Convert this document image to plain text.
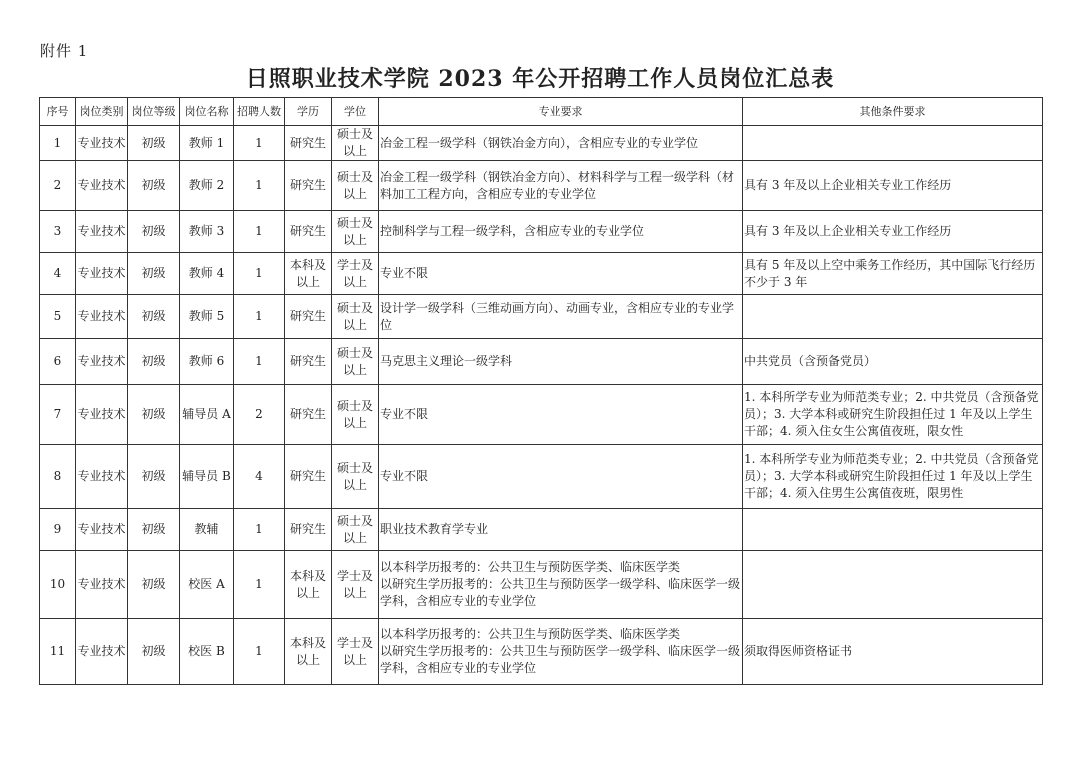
附件 1
日照职业技术学院 2023 年公开招聘工作人员岗位汇总表
序号	岗位类别	岗位等级	岗位名称	招聘人数	学历	学位	专业要求	其他条件要求
1	专业技术	初级	教师 1	1	研究生	硕士及以上	冶金工程一级学科（钢铁冶金方向），含相应专业的专业学位	
2	专业技术	初级	教师 2	1	研究生	硕士及以上	冶金工程一级学科（钢铁冶金方向）、材料科学与工程一级学科（材料加工工程方向，含相应专业的专业学位	具有 3 年及以上企业相关专业工作经历
3	专业技术	初级	教师 3	1	研究生	硕士及以上	控制科学与工程一级学科，含相应专业的专业学位	具有 3 年及以上企业相关专业工作经历
4	专业技术	初级	教师 4	1	本科及以上	学士及以上	专业不限	具有 5 年及以上空中乘务工作经历，其中国际飞行经历不少于 3 年
5	专业技术	初级	教师 5	1	研究生	硕士及以上	设计学一级学科（三维动画方向）、动画专业，含相应专业的专业学位	
6	专业技术	初级	教师 6	1	研究生	硕士及以上	马克思主义理论一级学科	中共党员（含预备党员）
7	专业技术	初级	辅导员 A	2	研究生	硕士及以上	专业不限	1. 本科所学专业为师范类专业；2. 中共党员（含预备党员）；3. 大学本科或研究生阶段担任过 1 年及以上学生干部；4. 须入住女生公寓值夜班，限女性
8	专业技术	初级	辅导员 B	4	研究生	硕士及以上	专业不限	1. 本科所学专业为师范类专业；2. 中共党员（含预备党员）；3. 大学本科或研究生阶段担任过 1 年及以上学生干部；4. 须入住男生公寓值夜班，限男性
9	专业技术	初级	教辅	1	研究生	硕士及以上	职业技术教育学专业	
10	专业技术	初级	校医 A	1	本科及以上	学士及以上	以本科学历报考的：公共卫生与预防医学类、临床医学类
以研究生学历报考的：公共卫生与预防医学一级学科、临床医学一级学科，含相应专业的专业学位	
11	专业技术	初级	校医 B	1	本科及以上	学士及以上	以本科学历报考的：公共卫生与预防医学类、临床医学类
以研究生学历报考的：公共卫生与预防医学一级学科、临床医学一级学科，含相应专业的专业学位	须取得医师资格证书
